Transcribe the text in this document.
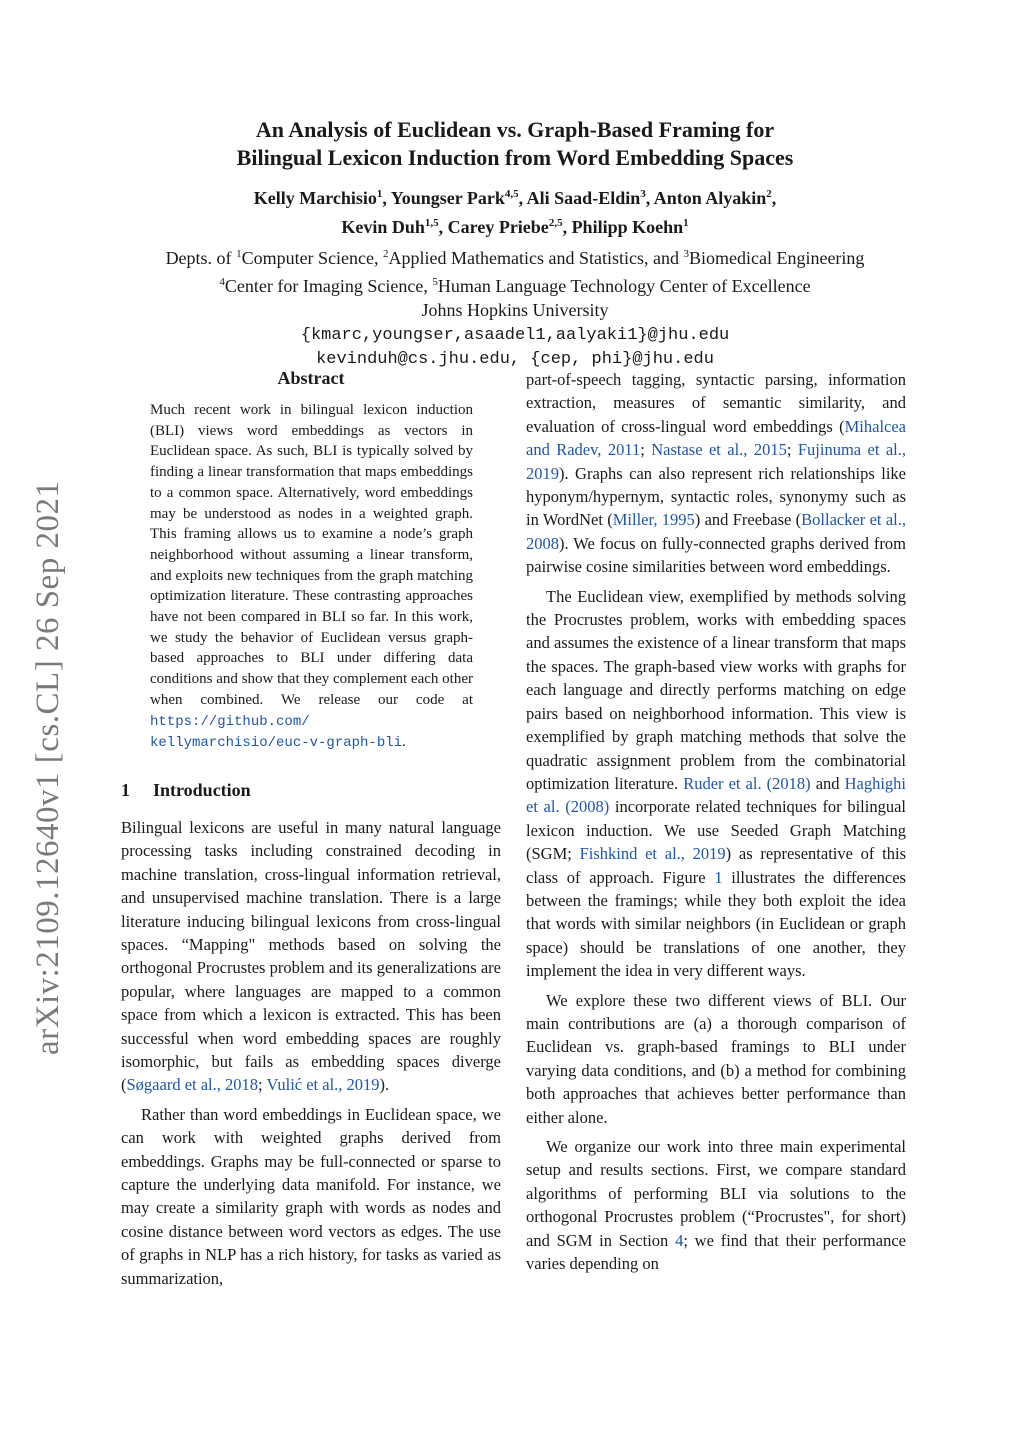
arXiv:2109.12640v1 [cs.CL] 26 Sep 2021
An Analysis of Euclidean vs. Graph-Based Framing for
Bilingual Lexicon Induction from Word Embedding Spaces
Kelly Marchisio$^1$, Youngser Park$^{4,5}$, Ali Saad-Eldin$^3$, Anton Alyakin$^2$,
Kevin Duh$^{1,5}$, Carey Priebe$^{2,5}$, Philipp Koehn$^1$
Depts. of $^1$Computer Science, $^2$Applied Mathematics and Statistics, and $^3$Biomedical Engineering
$^4$Center for Imaging Science, $^5$Human Language Technology Center of Excellence
Johns Hopkins University
{kmarc,youngser,asaadel1,aalyaki1}@jhu.edu
kevinduh@cs.jhu.edu, {cep, phi}@jhu.edu
Abstract

Much recent work in bilingual lexicon induction (BLI) views word embeddings as vectors in Euclidean space. As such, BLI is typically solved by finding a linear transformation that maps embeddings to a common space. Alternatively, word embeddings may be understood as nodes in a weighted graph. This framing allows us to examine a node’s graph neighborhood without assuming a linear transform, and exploits new techniques from the graph matching optimization literature. These contrasting approaches have not been compared in BLI so far. In this work, we study the behavior of Euclidean versus graph-based approaches to BLI under differing data conditions and show that they complement each other when combined. We release our code at https://github.com/ kellymarchisio/euc-v-graph-bli.

1 Introduction

Bilingual lexicons are useful in many natural language processing tasks including constrained decoding in machine translation, cross-lingual information retrieval, and unsupervised machine translation. There is a large literature inducing bilingual lexicons from cross-lingual spaces. “Mapping" methods based on solving the orthogonal Procrustes problem and its generalizations are popular, where languages are mapped to a common space from which a lexicon is extracted. This has been successful when word embedding spaces are roughly isomorphic, but fails as embedding spaces diverge (Søgaard et al., 2018; Vulić et al., 2019).

Rather than word embeddings in Euclidean space, we can work with weighted graphs derived from embeddings. Graphs may be full-connected or sparse to capture the underlying data manifold. For instance, we may create a similarity graph with words as nodes and cosine distance between word vectors as edges. The use of graphs in NLP has a rich history, for tasks as varied as summarization,

part-of-speech tagging, syntactic parsing, information extraction, measures of semantic similarity, and evaluation of cross-lingual word embeddings (Mihalcea and Radev, 2011; Nastase et al., 2015; Fujinuma et al., 2019). Graphs can also represent rich relationships like hyponym/hypernym, syntactic roles, synonymy such as in WordNet (Miller, 1995) and Freebase (Bollacker et al., 2008). We focus on fully-connected graphs derived from pairwise cosine similarities between word embeddings.

The Euclidean view, exemplified by methods solving the Procrustes problem, works with embedding spaces and assumes the existence of a linear transform that maps the spaces. The graph-based view works with graphs for each language and directly performs matching on edge pairs based on neighborhood information. This view is exemplified by graph matching methods that solve the quadratic assignment problem from the combinatorial optimization literature. Ruder et al. (2018) and Haghighi et al. (2008) incorporate related techniques for bilingual lexicon induction. We use Seeded Graph Matching (SGM; Fishkind et al., 2019) as representative of this class of approach. Figure 1 illustrates the differences between the framings; while they both exploit the idea that words with similar neighbors (in Euclidean or graph space) should be translations of one another, they implement the idea in very different ways.

We explore these two different views of BLI. Our main contributions are (a) a thorough comparison of Euclidean vs. graph-based framings to BLI under varying data conditions, and (b) a method for combining both approaches that achieves better performance than either alone.

We organize our work into three main experimental setup and results sections. First, we compare standard algorithms of performing BLI via solutions to the orthogonal Procrustes problem (“Procrustes", for short) and SGM in Section 4; we find that their performance varies depending on
